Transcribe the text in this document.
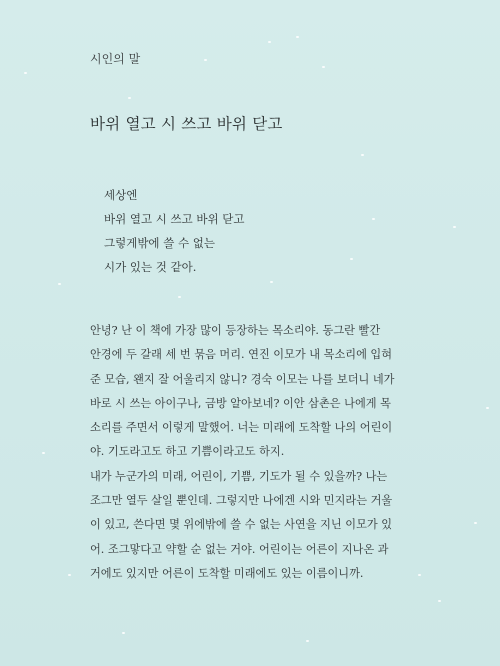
시인의 말

바위 열고 시 쓰고 바위 닫고
세상엔
바위 열고 시 쓰고 바위 닫고
그렇게밖에 쓸 수 없는
시가 있는 것 같아.
안녕? 난 이 책에 가장 많이 등장하는 목소리야. 동그란 빨간
안경에 두 갈래 세 번 묶음 머리. 연진 이모가 내 목소리에 입혀
준 모습, 왠지 잘 어울리지 않니? 경숙 이모는 나를 보더니 네가
바로 시 쓰는 아이구나, 금방 알아보네? 이안 삼촌은 나에게 목
소리를 주면서 이렇게 말했어. 너는 미래에 도착할 나의 어린이
야. 기도라고도 하고 기쁨이라고도 하지.
내가 누군가의 미래, 어린이, 기쁨, 기도가 될 수 있을까? 나는
조그만 열두 살일 뿐인데. 그렇지만 나에겐 시와 민지라는 거울
이 있고, 쓴다면 몇 위에밖에 쓸 수 없는 사연을 지닌 이모가 있
어. 조그맣다고 약할 순 없는 거야. 어린이는 어른이 지나온 과
거에도 있지만 어른이 도착할 미래에도 있는 이름이니까.
